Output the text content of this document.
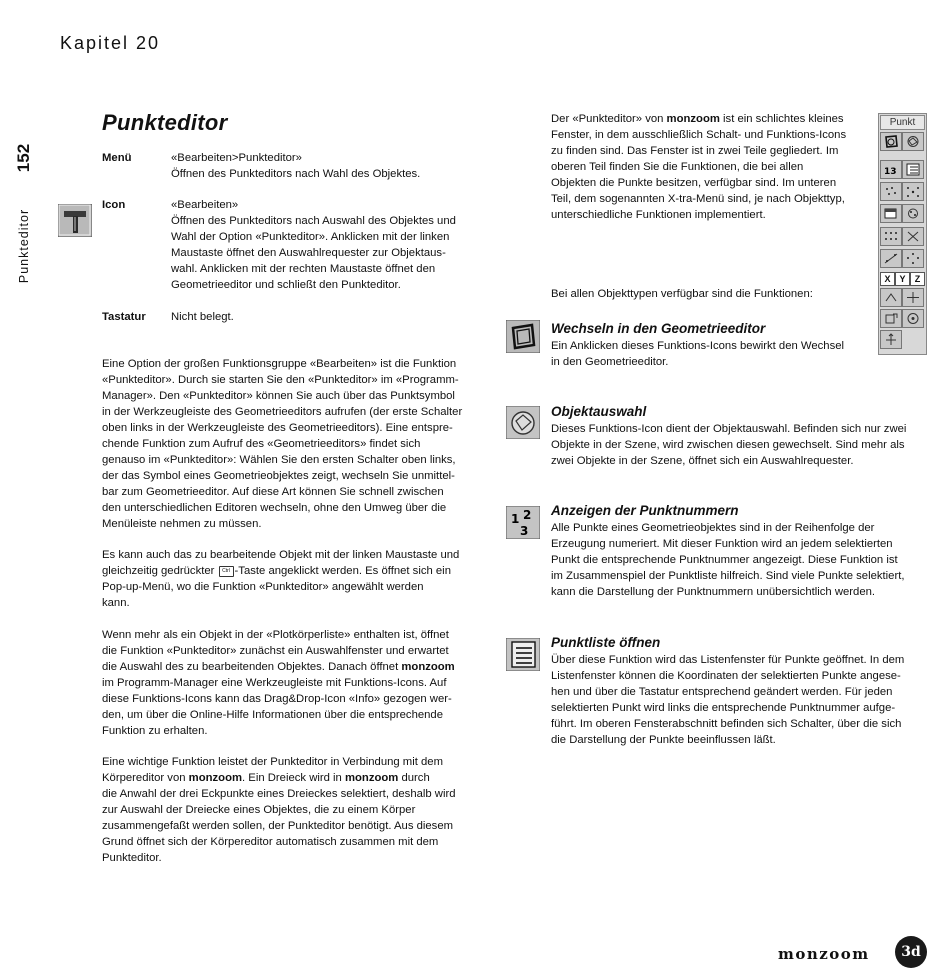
Kapitel 20
152
Punkteditor
Punkteditor
Menü	«Bearbeiten>Punkteditor»
Öffnen des Punkteditors nach Wahl des Objektes.
Icon	«Bearbeiten»
Öffnen des Punkteditors nach Auswahl des Objektes und
Wahl der Option «Punkteditor». Anklicken mit der linken
Maustaste öffnet den Auswahlrequester zur Objektaus-
wahl. Anklicken mit der rechten Maustaste öffnet den
Geometrieeditor und schließt den Punkteditor.
Tastatur Nicht belegt.
Eine Option der großen Funktionsgruppe «Bearbeiten» ist die Funktion
«Punkteditor». Durch sie starten Sie den «Punkteditor» im «Programm-
Manager». Den «Punkteditor» können Sie auch über das Punktsymbol
in der Werkzeugleiste des Geometrieeditors aufrufen (der erste Schalter
oben links in der Werkzeugleiste des Geometrieeditors). Eine entspre-
chende Funktion zum Aufruf des «Geometrieeditors» findet sich
genauso im «Punkteditor»: Wählen Sie den ersten Schalter oben links,
der das Symbol eines Geometrieobjektes zeigt, wechseln Sie unmittel-
bar zum Geometrieeditor. Auf diese Art können Sie schnell zwischen
den unterschiedlichen Editoren wechseln, ohne den Umweg über die
Menüleiste nehmen zu müssen.
Es kann auch das zu bearbeitende Objekt mit der linken Maustaste und
gleichzeitig gedrückter Ctrl -Taste angeklickt werden. Es öffnet sich ein
Pop-up-Menü, wo die Funktion «Punkteditor» angewählt werden
kann.
Wenn mehr als ein Objekt in der «Plotkörperliste» enthalten ist, öffnet
die Funktion «Punkteditor» zunächst ein Auswahlfenster und erwartet
die Auswahl des zu bearbeitenden Objektes. Danach öffnet monzoom
im Programm-Manager eine Werkzeugleiste mit Funktions-Icons. Auf
diese Funktions-Icons kann das Drag&Drop-Icon «Info» gezogen wer-
den, um über die Online-Hilfe Informationen über die entsprechende
Funktion zu erhalten.
Eine wichtige Funktion leistet der Punkteditor in Verbindung mit dem
Körpereditor von monzoom. Ein Dreieck wird in monzoom durch
die Anwahl der drei Eckpunkte eines Dreieckes selektiert, deshalb wird
zur Auswahl der Dreiecke eines Objektes, die zu einem Körper
zusammengefaßt werden sollen, der Punkteditor benötigt. Aus diesem
Grund öffnet sich der Körpereditor automatisch zusammen mit dem
Punkteditor.
Der «Punkteditor» von monzoom ist ein schlichtes kleines
Fenster, in dem ausschließlich Schalt- und Funktions-Icons
zu finden sind. Das Fenster ist in zwei Teile gegliedert. Im
oberen Teil finden Sie die Funktionen, die bei allen
Objekten die Punkte besitzen, verfügbar sind. Im unteren
Teil, dem sogenannten X-tra-Menü sind, je nach Objekttyp,
unterschiedliche Funktionen implementiert.
Punkt
13
X Y	Z
Bei allen Objekttypen verfügbar sind die Funktionen:
Wechseln in den Geometrieeditor
Ein Anklicken dieses Funktions-Icons bewirkt den Wechsel
in den Geometrieeditor.
Objektauswahl
Dieses Funktions-Icon dient der Objektauswahl. Befinden sich nur zwei
Objekte in der Szene, wird zwischen diesen gewechselt. Sind mehr als
zwei Objekte in der Szene, öffnet sich ein Auswahlrequester.
1 2
3
Anzeigen der Punktnummern
Alle Punkte eines Geometrieobjektes sind in der Reihenfolge der
Erzeugung numeriert. Mit dieser Funktion wird an jedem selektierten
Punkt die entsprechende Punktnummer angezeigt. Diese Funktion ist
im Zusammenspiel der Punktliste hilfreich. Sind viele Punkte selektiert,
kann die Darstellung der Punktnummern unübersichtlich werden.
Punktliste öffnen
Über diese Funktion wird das Listenfenster für Punkte geöffnet. In dem
Listenfenster können die Koordinaten der selektierten Punkte angese-
hen und über die Tastatur entsprechend geändert werden. Für jeden
selektierten Punkt wird links die entsprechende Punktnummer aufge-
führt. Im oberen Fensterabschnitt befinden sich Schalter, über die sich
die Darstellung der Punkte beeinflussen läßt.
monzoom	3d
